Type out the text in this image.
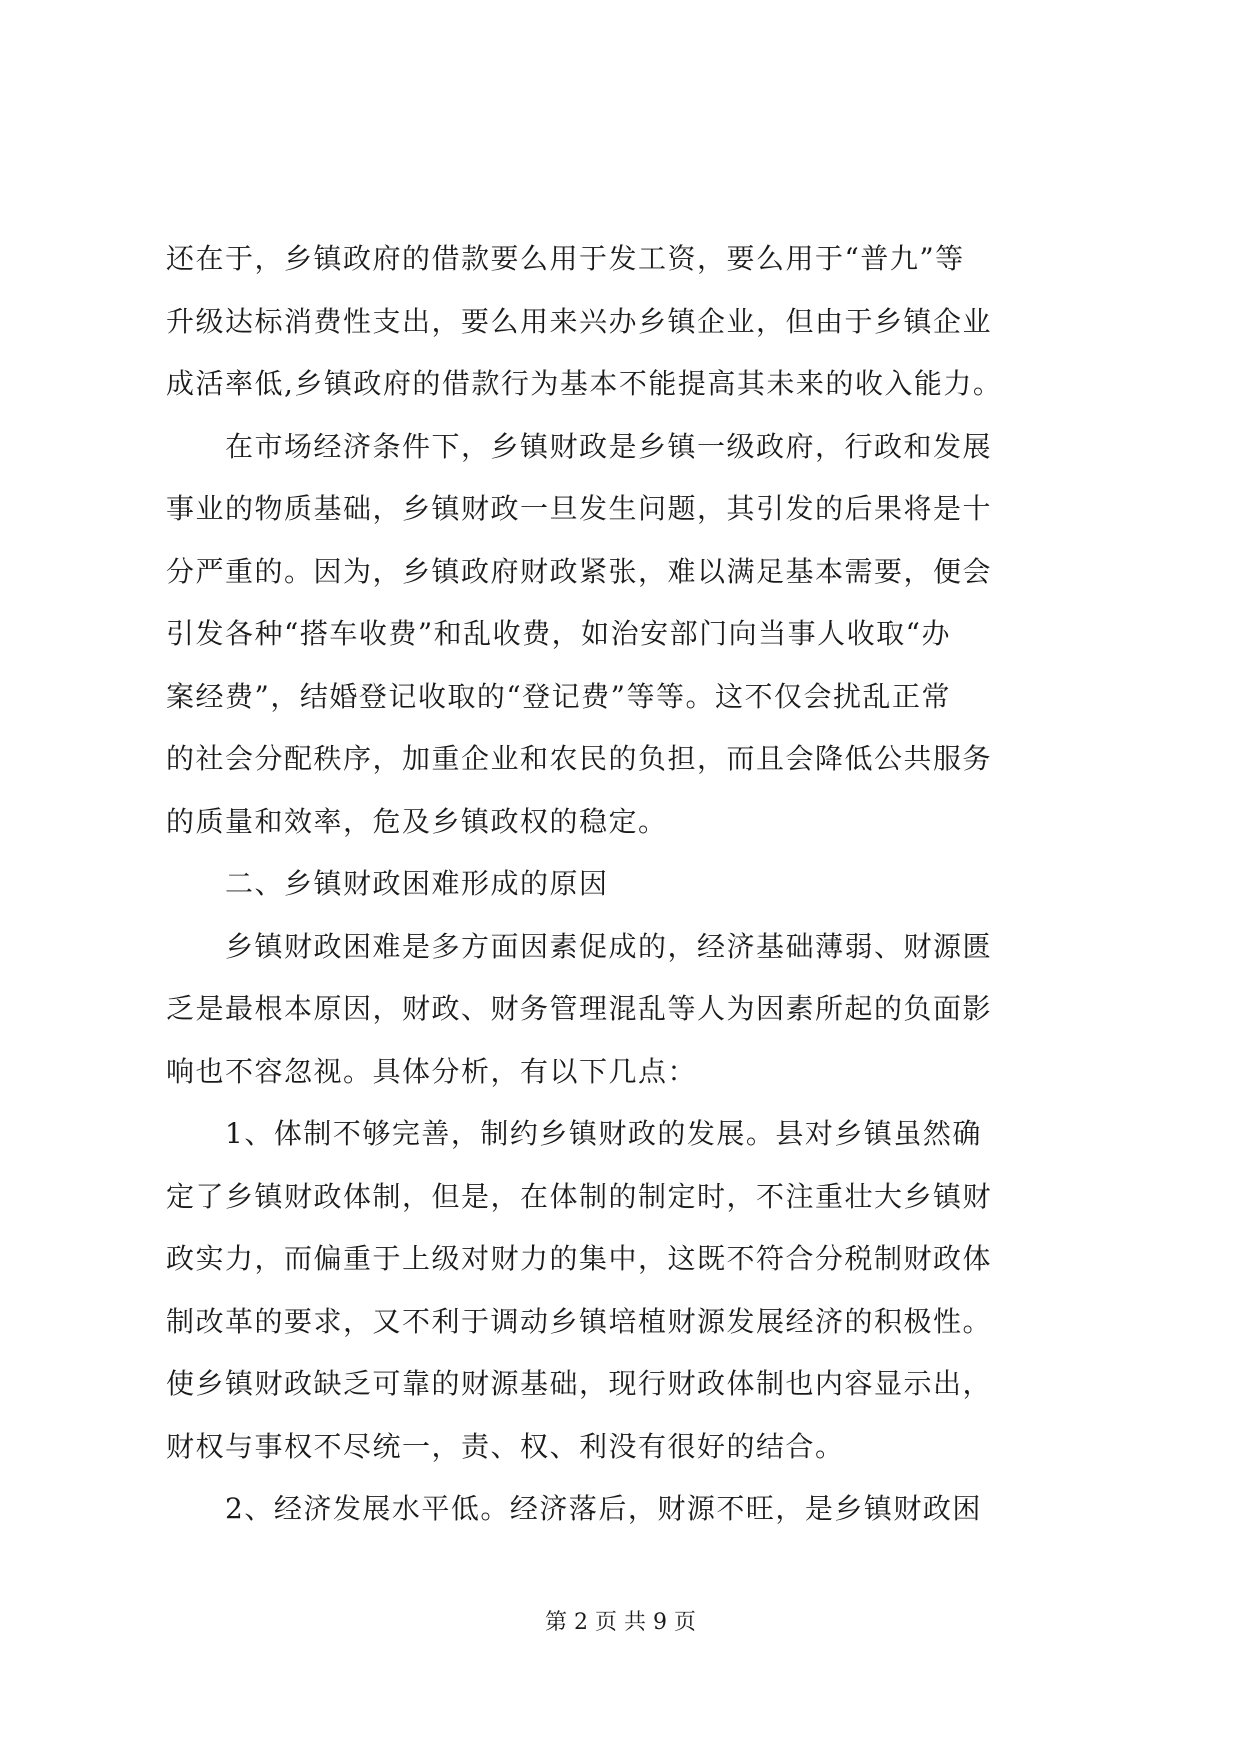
还在于，乡镇政府的借款要么用于发工资，要么用于“普九”等
升级达标消费性支出，要么用来兴办乡镇企业，但由于乡镇企业
成活率低,乡镇政府的借款行为基本不能提高其未来的收入能力。
　　在市场经济条件下，乡镇财政是乡镇一级政府，行政和发展
事业的物质基础，乡镇财政一旦发生问题，其引发的后果将是十
分严重的。因为，乡镇政府财政紧张，难以满足基本需要，便会
引发各种“搭车收费”和乱收费，如治安部门向当事人收取“办
案经费”，结婚登记收取的“登记费”等等。这不仅会扰乱正常
的社会分配秩序，加重企业和农民的负担，而且会降低公共服务
的质量和效率，危及乡镇政权的稳定。
　　二、乡镇财政困难形成的原因
　　乡镇财政困难是多方面因素促成的，经济基础薄弱、财源匮
乏是最根本原因，财政、财务管理混乱等人为因素所起的负面影
响也不容忽视。具体分析，有以下几点：
　　1、体制不够完善，制约乡镇财政的发展。县对乡镇虽然确
定了乡镇财政体制，但是，在体制的制定时，不注重壮大乡镇财
政实力，而偏重于上级对财力的集中，这既不符合分税制财政体
制改革的要求，又不利于调动乡镇培植财源发展经济的积极性。
使乡镇财政缺乏可靠的财源基础，现行财政体制也内容显示出，
财权与事权不尽统一，责、权、利没有很好的结合。
　　2、经济发展水平低。经济落后，财源不旺，是乡镇财政困
第 2 页 共 9 页
